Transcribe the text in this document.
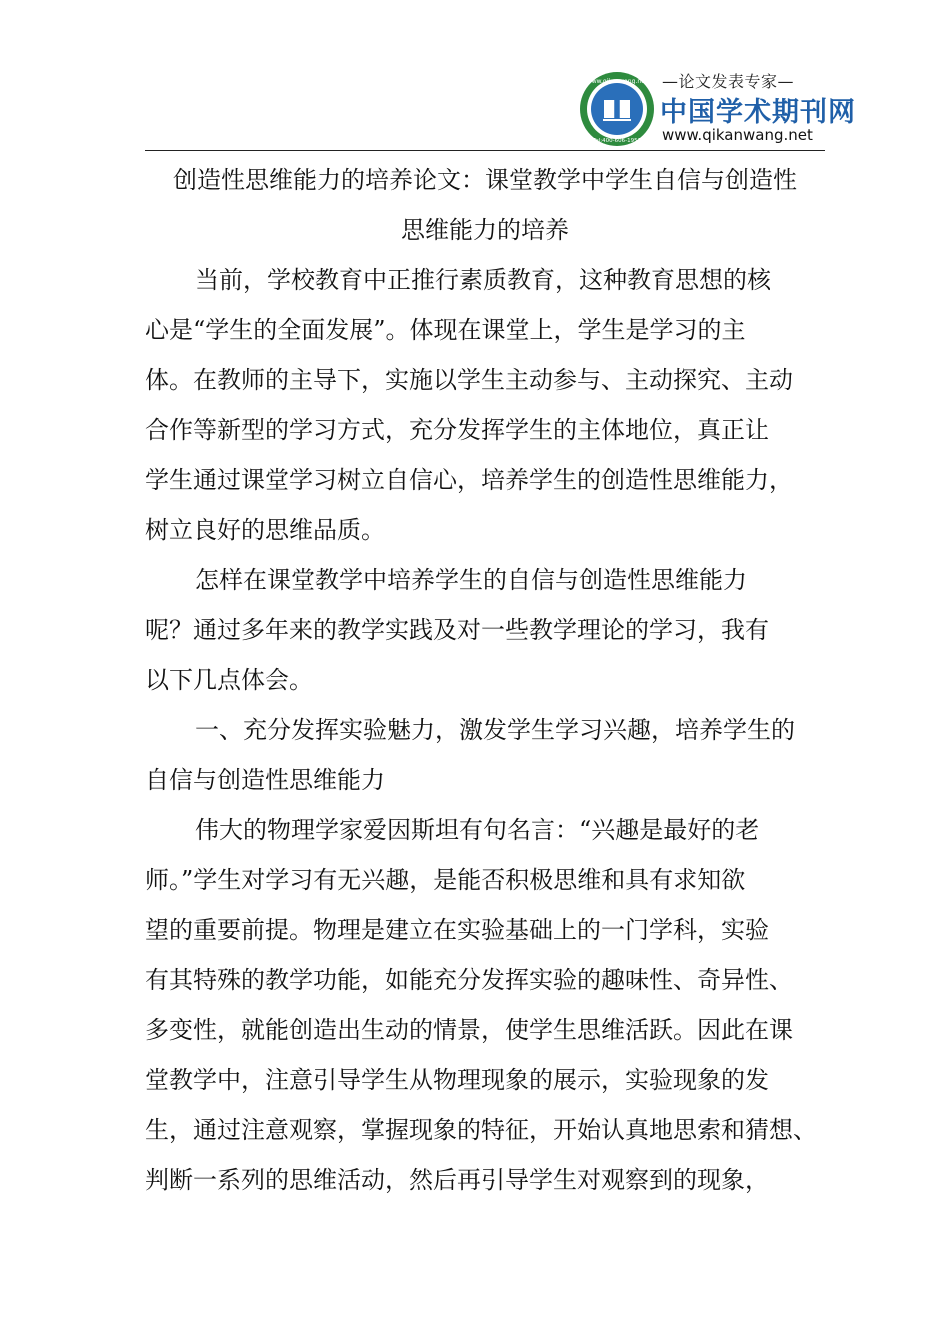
www.qikanwang.net
Tel:400-606-1952
—论文发表专家—
中国学术期刊网
www.qikanwang.net
创造性思维能力的培养论文：课堂教学中学生自信与创造性
思维能力的培养
当前，学校教育中正推行素质教育，这种教育思想的核
心是“学生的全面发展”。体现在课堂上，学生是学习的主
体。在教师的主导下，实施以学生主动参与、主动探究、主动
合作等新型的学习方式，充分发挥学生的主体地位，真正让
学生通过课堂学习树立自信心，培养学生的创造性思维能力，
树立良好的思维品质。
怎样在课堂教学中培养学生的自信与创造性思维能力
呢？通过多年来的教学实践及对一些教学理论的学习，我有
以下几点体会。
一、充分发挥实验魅力，激发学生学习兴趣，培养学生的
自信与创造性思维能力
伟大的物理学家爱因斯坦有句名言：“兴趣是最好的老
师。”学生对学习有无兴趣，是能否积极思维和具有求知欲
望的重要前提。物理是建立在实验基础上的一门学科，实验
有其特殊的教学功能，如能充分发挥实验的趣味性、奇异性、
多变性，就能创造出生动的情景，使学生思维活跃。因此在课
堂教学中，注意引导学生从物理现象的展示，实验现象的发
生，通过注意观察，掌握现象的特征，开始认真地思索和猜想、
判断一系列的思维活动，然后再引导学生对观察到的现象，
